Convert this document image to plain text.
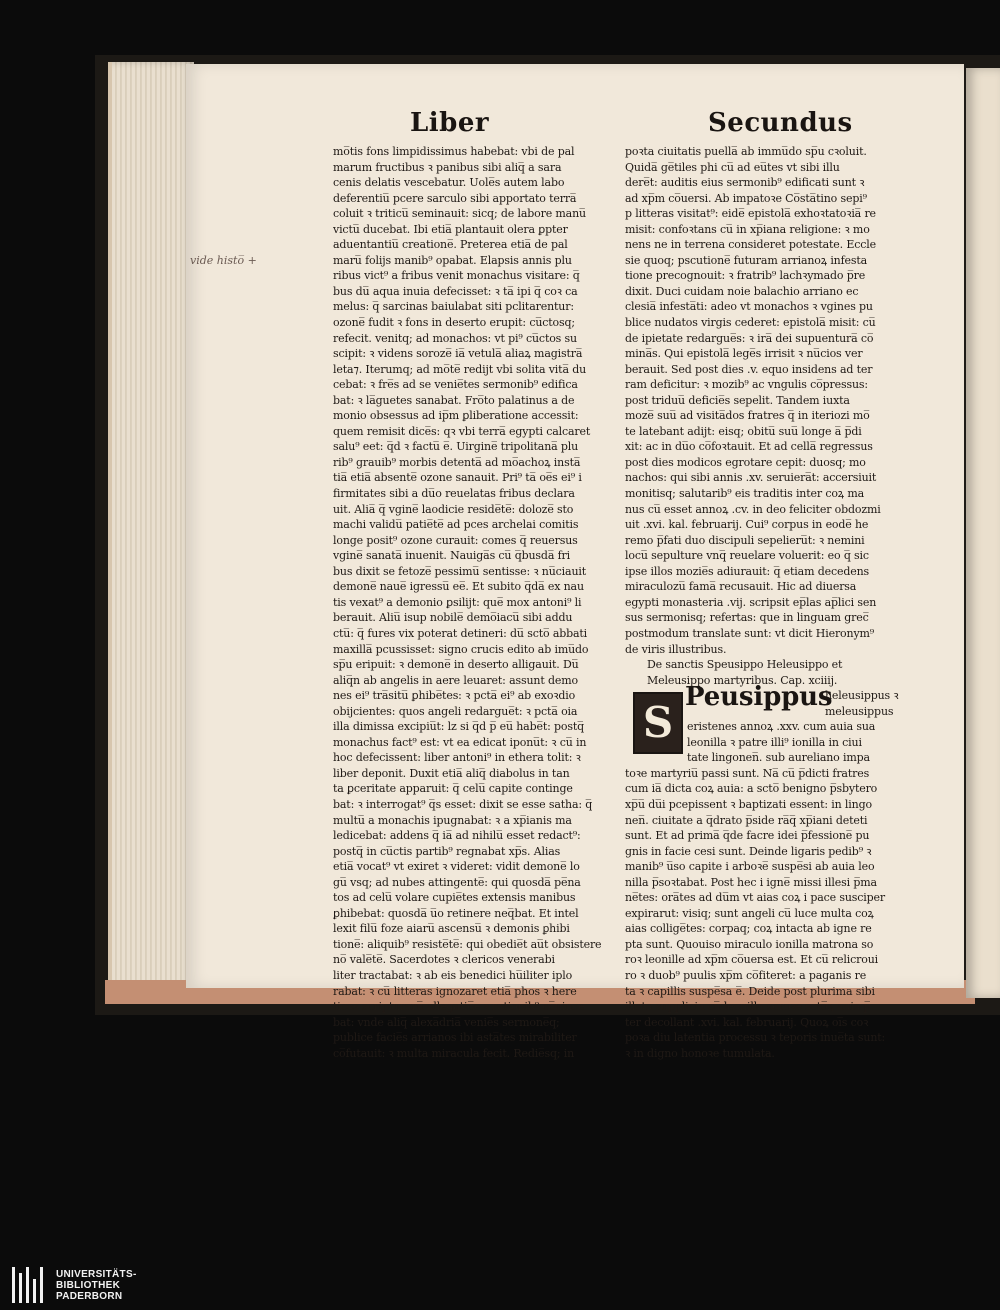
vide histo̅ +
Liber	Secundus
mo̅tis fons limpidissimus habebat: vbi de pal
marum fructibus ꝛ panibus sibi aliq̅ a sara
cenis delatis vescebatur. Uole̅s autem labo
deferentiu̅ pcere sarculo sibi apportato terra̅
coluit ꝛ triticu̅ seminauit: sicq; de labore manu̅
victu̅ ducebat. Ibi etia̅ plantauit olera ꝑpter
aduentantiu̅ creatione̅. Preterea etia̅ de pal
maru̅ folijs manib⁹ opabat. Elapsis annis plu
ribus vict⁹ a fribus venit monachus visitare: q̅
bus du̅ aqua inuia defecisset: ꝛ ta̅ ipi q̅ coꝛ ca
melus: q̅ sarcinas baiulabat siti pclitarentur:
ozone̅ fudit ꝛ fons in deserto erupit: cu̅ctosq;
refecit. venitq; ad monachos: vt pi⁹ cu̅ctos su
scipit: ꝛ videns soroze̅ ia̅ vetula̅ aliaꝝ magistra̅
leta⁊. Iterumq; ad mo̅te̅ redijt vbi solita vita̅ du
cebat: ꝛ fre̅s ad se venie̅tes sermonib⁹ edifica
bat: ꝛ la̅guetes sanabat. Fro̅to palatinus a de
monio obsessus ad ip̅m ꝑliberatione accessit:
quem remisit dice̅s: qꝛ vbi terra̅ egypti calcaret
salu⁹ eet: q̅d ꝛ factu̅ e̅. Uirgine̅ tripolitana̅ plu
rib⁹ grauib⁹ morbis detenta̅ ad mo̅achoꝝ insta̅
tia̅ etia̅ absente̅ ozone sanauit. Pri⁹ ta̅ oe̅s ei⁹ i
firmitates sibi a du̅o reuelatas fribus declara
uit. Alia̅ q̅ vgine̅ laodicie reside̅te̅: doloze̅ sto
machi validu̅ patie̅te̅ ad pces archelai comitis
longe posit⁹ ozone curauit: comes q̅ reuersus
vgine̅ sanata̅ inuenit. Nauiga̅s cu̅ q̅busda̅ fri
bus dixit se fetoze̅ pessimu̅ sentisse: ꝛ nu̅ciauit
demone̅ naue̅ igressu̅ ee̅. Et subito q̅da̅ ex nau
tis vexat⁹ a demonio ꝑsilijt: que̅ mox antoni⁹ li
berauit. Aliu̅ isup nobile̅ demo̅iacu̅ sibi addu
ctu̅: q̅ fures vix poterat detineri: du̅ scto̅ abbati
maxilla̅ pcussisset: signo crucis edito ab imu̅do
sp̅u eripuit: ꝛ demone̅ in deserto alligauit. Du̅
aliq̅n ab angelis in aere leuaret: assunt demo
nes ei⁹ tra̅situ̅ ꝑhibe̅tes: ꝛ pcta̅ ei⁹ ab exoꝛdio
obijcientes: quos angeli redargue̅t: ꝛ pcta̅ oia
illa dimissa excipiu̅t: lz si q̅d p̅ eu̅ habe̅t: postq̅
monachus fact⁹ est: vt ea edicat iponu̅t: ꝛ cu̅ in
hoc defecissent: liber antoni⁹ in ethera tolit: ꝛ
liber deponit. Duxit etia̅ aliq̅ diabolus in tan
ta ꝑceritate apparuit: q̅ celu̅ capite continge
bat: ꝛ interrogat⁹ q̅s esset: dixit se esse satha: q̅
multu̅ a monachis ipugnabat: ꝛ a xp̅ianis ma
ledicebat: addens q̅ ia̅ ad nihilu̅ esset redact⁹:
postq̅ in cu̅ctis partib⁹ regnabat xp̅s. Alias
etia̅ vocat⁹ vt exiret ꝛ videret: vidit demone̅ lo
gu̅ vsq; ad nubes attingente̅: qui quosda̅ pe̅na
tos ad celu̅ volare cupie̅tes extensis manibus
ꝑhibebat: quosda̅ u̅o retinere neq̅bat. Et intel
lexit filu̅ foze aiaru̅ ascensu̅ ꝛ demonis ꝑhibi
tione̅: aliquib⁹ resiste̅te̅: qui obedie̅t au̅t obsistere
no̅ vale̅te̅. Sacerdotes ꝛ clericos venerabi
liter tractabat: ꝛ ab eis benedici hu̅iliter iplo
rabat: ꝛ cu̅ litteras ignozaret etia̅ phos ꝛ here
ticos scripturaru̅ allegatio̅e ꝛ rationib⁹ co̅uince
bat: vnde aliq̅ alexa̅dria̅ venie̅s sermone̅q;
publice facie̅s arrianos ibi asta̅tes mirabiliter
co̅futauit: ꝛ multa miracula fecit. Redie̅sq; in
poꝛta ciuitatis puella̅ ab immu̅do sp̅u cꝛoluit.
Quida̅ ge̅tiles phi cu̅ ad eu̅tes vt sibi illu
dere̅t: auditis eius sermonib⁹ edificati sunt ꝛ
ad xp̅m co̅uersi. Ab impatoꝛe Co̅sta̅tino sepi⁹
p litteras visitat⁹: eide̅ epistola̅ exhoꝛtatoꝛia̅ re
misit: confoꝛtans cu̅ in xp̅iana religione: ꝛ mo
nens ne in terrena consideret potestate. Eccle
sie quoq; pscutione̅ futuram arrianoꝝ infesta
tione precognouit: ꝛ fratrib⁹ lachꝛymado p̅re
dixit. Duci cuidam noie balachio arriano ec
clesia̅ infesta̅ti: adeo vt monachos ꝛ vgines pu
blice nudatos virgis cederet: epistola̅ misit: cu̅
de ipietate redargue̅s: ꝛ ira̅ dei supuentura̅ co̅
mina̅s. Qui epistola̅ lege̅s irrisit ꝛ nu̅cios ver
berauit. Sed post dies .v. equo insidens ad ter
ram deficitur: ꝛ mozib⁹ ac vngulis co̅pressus:
post triduu̅ deficie̅s sepelit. Tandem iuxta
moze̅ suu̅ ad visita̅dos fratres q̅ in iteriozi mo̅
te latebant adijt: eisq; obitu̅ suu̅ longe a̅ p̅di
xit: ac in du̅o co̅foꝛtauit. Et ad cella̅ regressus
post dies modicos egrotare cepit: duosq; mo
nachos: qui sibi annis .xv. seruiera̅t: accersiuit
monitisq; salutarib⁹ eis traditis inter coꝝ ma
nus cu̅ esset annoꝝ .cv. in deo feliciter obdozmi
uit .xvi. kal. februarij. Cui⁹ corpus in eode̅ he
remo p̅fati duo discipuli sepelieru̅t: ꝛ nemini
locu̅ sepulture vnq̅ reuelare voluerit: eo q̅ sic
ipse illos mozie̅s adiurauit: q̅ etiam decedens
miraculozu̅ fama̅ recusauit. Hic ad diuersa
egypti monasteria .vij. scripsit ep̅las ap̅lici sen
sus sermonisq; refertas: que in linguam grec̅
postmodum translate sunt: vt dicit Hieronym⁹
de viris illustribus.
De sanctis Speusippo Heleusippo et
Meleusippo martyribus. Cap. xciiij.
S
Peusippus
heleusippus ꝛ
meleusippus
eristenes annoꝝ .xxv. cum auia sua
leonilla ꝛ patre illi⁹ ionilla in ciui
tate lingonen̅. sub aureliano impa
toꝛe martyriu̅ passi sunt. Na̅ cu̅ p̅dicti fratres
cum ia̅ dicta coꝝ auia: a scto̅ benigno p̅sbytero
xp̅u̅ du̅i pcepissent ꝛ baptizati essent: in lingo
nen̅. ciuitate a q̅drato p̅side ra̅q̅ xp̅iani deteti
sunt. Et ad prima̅ q̅de facre idei p̅fessione̅ pu
gnis in facie cesi sunt. Deinde ligaris pedib⁹ ꝛ
manib⁹ u̅so capite i arboꝛe̅ suspe̅si ab auia leo
nilla p̅soꝛtabat. Post hec i igne̅ missi illesi p̅ma
ne̅tes: ora̅tes ad du̅m vt aias coꝝ i pace susciper
expirarut: visiq; sunt angeli cu̅ luce multa coꝝ
aias collige̅tes: corpaq; coꝝ intacta ab igne re
pta sunt. Quouiso miraculo ionilla matrona so
roꝛ leonille ad xp̅m co̅uersa est. Et cu̅ relicroui
ro ꝛ duob⁹ puulis xp̅m co̅fiteret: a paganis re
ta ꝛ capillis suspe̅sa e̅. Deide post plurima sibi
illata supplicia cu̅ leonilla soroꝛe scto̅ꝝ auia p̅
ter decollant .xvi. kal. februarij. Quoꝝ oi̅s coꝛ
poꝛa diu latentia processu ꝛ teporis inue̅ta sunt:
ꝛ in digno honoꝛe tumulata.
UNIVERSITÄTS-
BIBLIOTHEK
PADERBORN
